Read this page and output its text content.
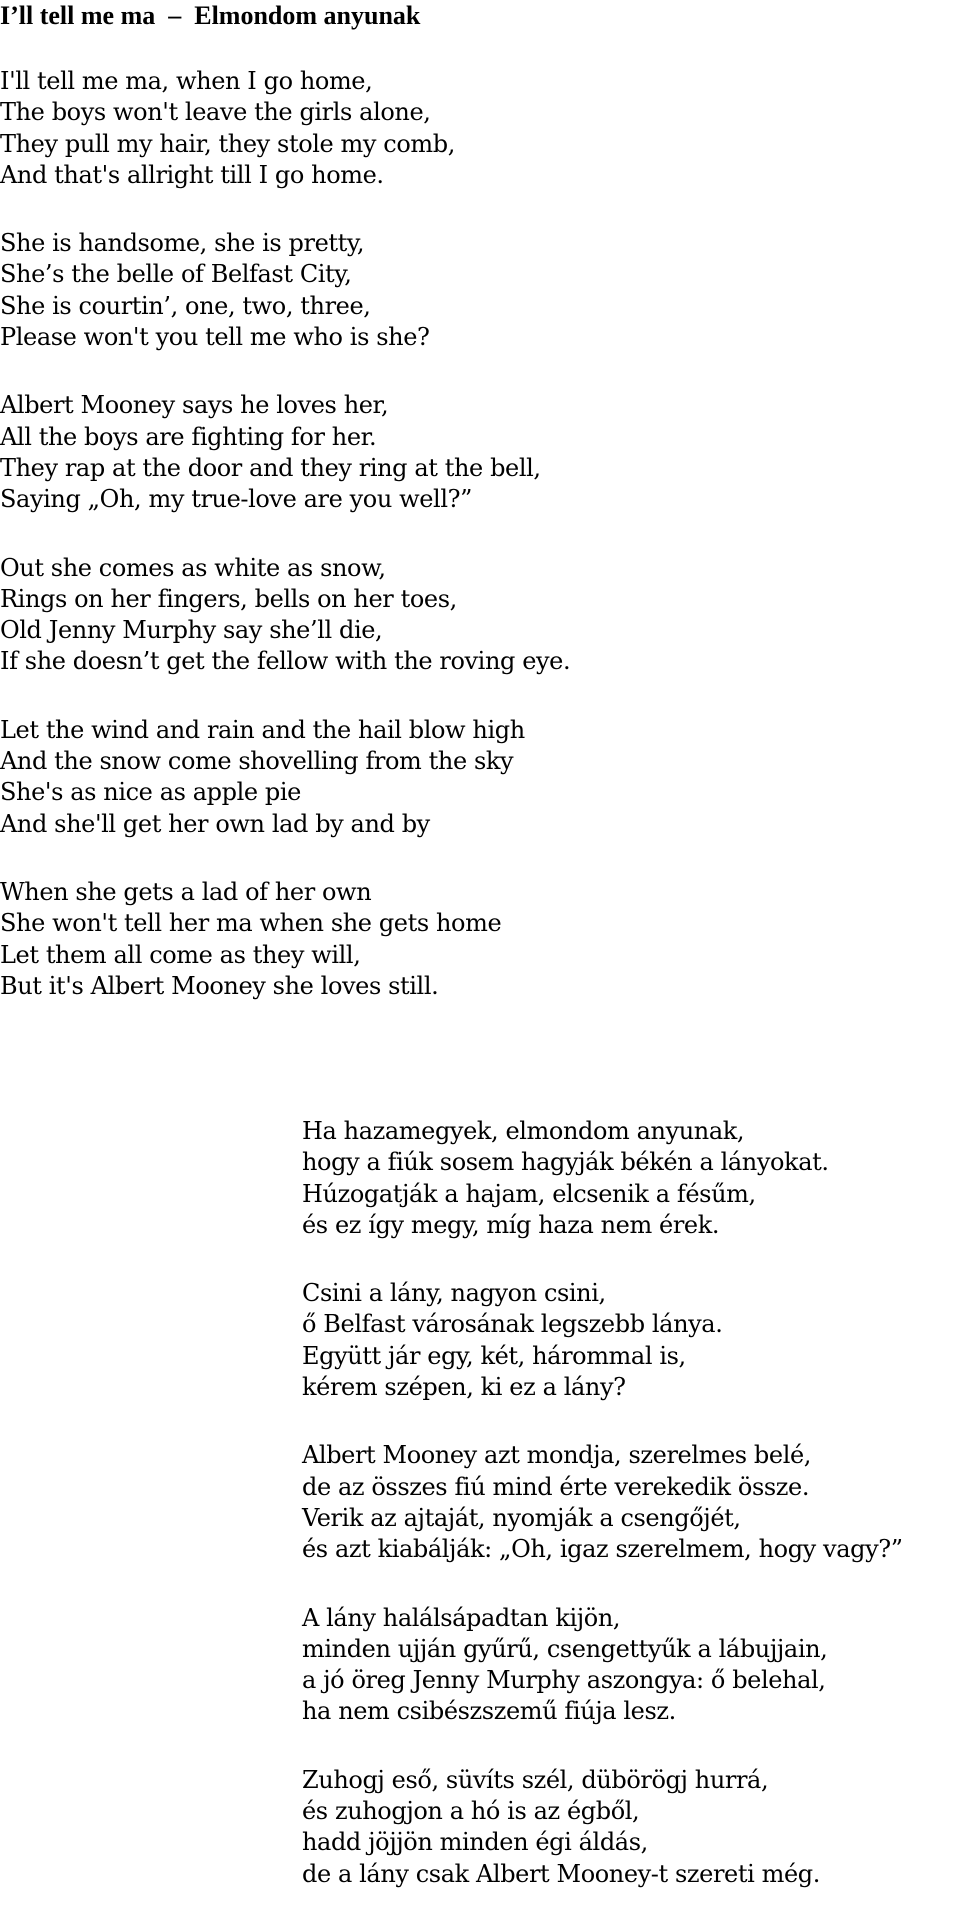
I’ll tell me ma  –  Elmondom anyunak
I'll tell me ma, when I go home,
The boys won't leave the girls alone,
They pull my hair, they stole my comb,
And that's allright till I go home.
She is handsome, she is pretty,
She’s the belle of Belfast City,
She is courtin’, one, two, three,
Please won't you tell me who is she?
Albert Mooney says he loves her,
All the boys are fighting for her.
They rap at the door and they ring at the bell,
Saying „Oh, my true-love are you well?”
Out she comes as white as snow,
Rings on her fingers, bells on her toes,
Old Jenny Murphy say she’ll die,
If she doesn’t get the fellow with the roving eye.
Let the wind and rain and the hail blow high
And the snow come shovelling from the sky
She's as nice as apple pie
And she'll get her own lad by and by
When she gets a lad of her own
She won't tell her ma when she gets home
Let them all come as they will,
But it's Albert Mooney she loves still.
Ha hazamegyek, elmondom anyunak,
hogy a fiúk sosem hagyják békén a lányokat.
Húzogatják a hajam, elcsenik a fésűm,
és ez így megy, míg haza nem érek.
Csini a lány, nagyon csini,
ő Belfast városának legszebb lánya.
Együtt jár egy, két, hárommal is,
kérem szépen, ki ez a lány?
Albert Mooney azt mondja, szerelmes belé,
de az összes fiú mind érte verekedik össze.
Verik az ajtaját, nyomják a csengőjét,
és azt kiabálják: „Oh, igaz szerelmem, hogy vagy?”
A lány halálsápadtan kijön,
minden ujján gyűrű, csengettyűk a lábujjain,
a jó öreg Jenny Murphy aszongya: ő belehal,
ha nem csibészszemű fiúja lesz.
Zuhogj eső, süvíts szél, dübörögj hurrá,
és zuhogjon a hó is az égből,
hadd jöjjön minden égi áldás,
de a lány csak Albert Mooney-t szereti még.
